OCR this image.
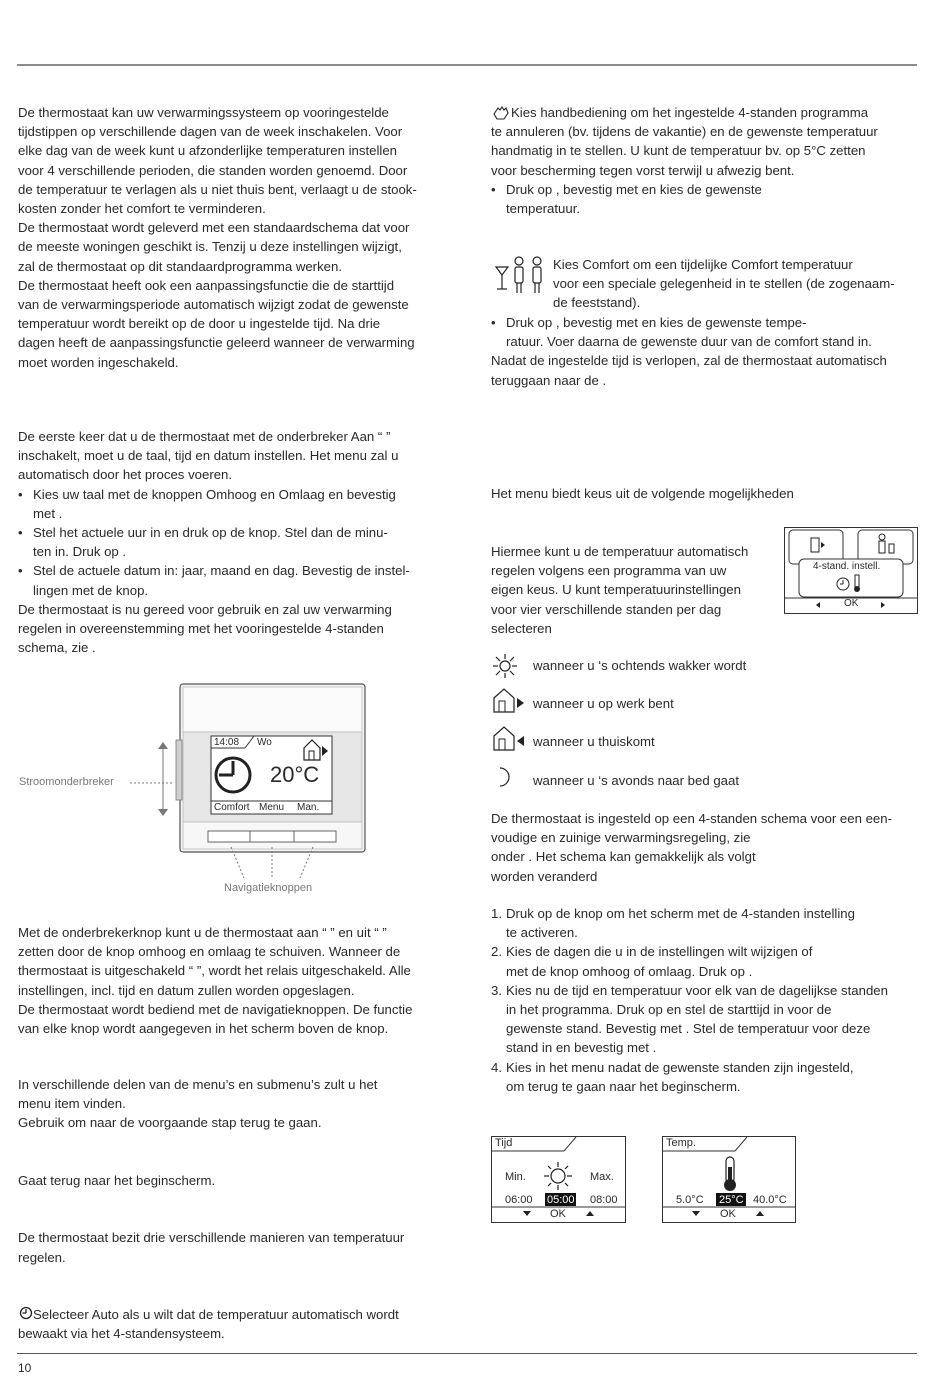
De thermostaat kan uw verwarmingssysteem op vooringestelde

tijdstippen op verschillende dagen van de week inschakelen. Voor

elke dag van de week kunt u afzonderlijke temperaturen instellen

voor 4 verschillende perioden, die standen worden genoemd. Door

de temperatuur te verlagen als u niet thuis bent, verlaagt u de stook-

kosten zonder het comfort te verminderen.

De thermostaat wordt geleverd met een standaardschema dat voor

de meeste woningen geschikt is. Tenzij u deze instellingen wijzigt,

zal de thermostaat op dit standaardprogramma werken.

De thermostaat heeft ook een aanpassingsfunctie die de starttijd

van de verwarmingsperiode automatisch wijzigt zodat de gewenste

temperatuur wordt bereikt op de door u ingestelde tijd. Na drie

dagen heeft de aanpassingsfunctie geleerd wanneer de verwarming

moet worden ingeschakeld.

De eerste keer dat u de thermostaat met de onderbreker Aan “ ”

inschakelt, moet u de taal, tijd en datum instellen. Het menu zal u

automatisch door het proces voeren.

• Kies uw taal met de knoppen Omhoog en Omlaag en bevestig
met .

• Stel het actuele uur in en druk op de knop. Stel dan de minu-
ten in. Druk op .

• Stel de actuele datum in: jaar, maand en dag. Bevestig de instel-
lingen met de knop.

De thermostaat is nu gereed voor gebruik en zal uw verwarming

regelen in overeenstemming met het vooringestelde 4-standen

schema, zie .

14:08 Wo
20°C
Comfort Menu Man.
Stroomonderbreker
Navigatieknoppen

Met de onderbrekerknop kunt u de thermostaat aan “ ” en uit “ ”

zetten door de knop omhoog en omlaag te schuiven. Wanneer de

thermostaat is uitgeschakeld “ ”, wordt het relais uitgeschakeld. Alle

instellingen, incl. tijd en datum zullen worden opgeslagen.

De thermostaat wordt bediend met de navigatieknoppen. De functie

van elke knop wordt aangegeven in het scherm boven de knop.

In verschillende delen van de menu’s en submenu’s zult u het

menu item vinden.

Gebruik om naar de voorgaande stap terug te gaan.

Gaat terug naar het beginscherm.

De thermostaat bezit drie verschillende manieren van temperatuur

regelen.

Selecteer Auto als u wilt dat de temperatuur automatisch wordt

bewaakt via het 4-standensysteem.

Kies handbediening om het ingestelde 4-standen programma

te annuleren (bv. tijdens de vakantie) en de gewenste temperatuur

handmatig in te stellen. U kunt de temperatuur bv. op 5°C zetten

voor bescherming tegen vorst terwijl u afwezig bent.

• Druk op , bevestig met en kies de gewenste
temperatuur.

Kies Comfort om een tijdelijke Comfort temperatuur

voor een speciale gelegenheid in te stellen (de zogenaam-

de feeststand).

• Druk op , bevestig met en kies de gewenste tempe-
ratuur. Voer daarna de gewenste duur van de comfort stand in.

Nadat de ingestelde tijd is verlopen, zal de thermostaat automatisch

teruggaan naar de .

Het menu biedt keus uit de volgende mogelijkheden

Hiermee kunt u de temperatuur automatisch

regelen volgens een programma van uw

eigen keus. U kunt temperatuurinstellingen

voor vier verschillende standen per dag

selecteren

4-stand. instell.
OK
wanneer u ‘s ochtends wakker wordt
wanneer u op werk bent
wanneer u thuiskomt
wanneer u ‘s avonds naar bed gaat

De thermostaat is ingesteld op een 4-standen schema voor een een-

voudige en zuinige verwarmingsregeling, zie

onder . Het schema kan gemakkelijk als volgt

worden veranderd

1. Druk op de knop om het scherm met de 4-standen instelling
te activeren.

2. Kies de dagen die u in de instellingen wilt wijzigen of
met de knop omhoog of omlaag. Druk op .

3. Kies nu de tijd en temperatuur voor elk van de dagelijkse standen
in het programma. Druk op en stel de starttijd in voor de
gewenste stand. Bevestig met . Stel de temperatuur voor deze
stand in en bevestig met .

4. Kies in het menu nadat de gewenste standen zijn ingesteld,
om terug te gaan naar het beginscherm.

Tijd
Min.	Max.
06:00 05:00 08:00
OK
Temp.
5.0°C 25°C 40.0°C
OK
10
